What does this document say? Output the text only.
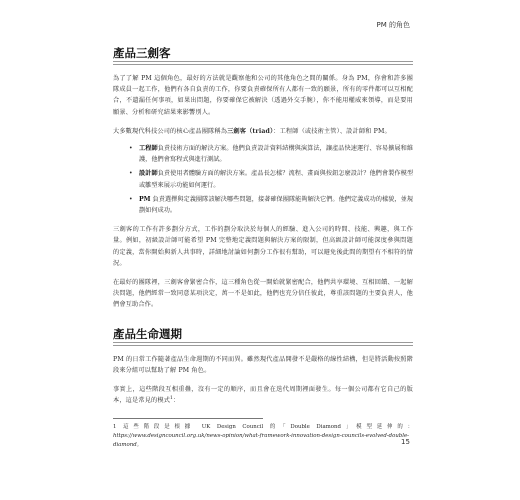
PM 的角色
產品三劍客

為了了解 PM 這個角色，最好的方法就是觀察他和公司的其他角色之間的關係。身為 PM，你會和許多團隊成員一起工作，他們有各自負責的工作，你要負責確保所有人都有一致的願景，所有的零件都可以互相配合，不遺漏任何事項，如果出問題，你要確保它被解決（透過外交手腕），你不能用權威來領導，而是要用願景、分析和研究結果來影響別人。

大多數現代科技公司的核心產品團隊稱為三劍客（triad）：工程師（或技術主管）、設計師和 PM。

• 工程師負責技術方面的解決方案。他們負責設計資料結構與演算法，讓產品快速運行、容易擴展和維護，他們會寫程式與進行測試。
• 設計師負責使用者體驗方面的解決方案。產品長怎樣？流程、畫面與按鈕怎麼設計？他們會製作模型或雛型來展示功能如何運行。
• PM 負責選擇與定義團隊該解決哪些問題，接著確保團隊能夠解決它們。他們定義成功的樣貌，並規劃如何成功。

三劍客的工作有許多劃分方式，工作的劃分取決於每個人的經驗、進入公司的時間、技能、興趣，與工作量。例如，初級設計師可能希望 PM 完整地定義問題與解決方案的限制，但高級設計師可能深度參與問題的定義，當你開始與新人共事時，詳細地討論如何劃分工作很有幫助，可以避免後此間的期望有不相符的情況。

在最好的團隊裡，三劍客會緊密合作，這三種角色從一開始就緊密配合，他們共享環境、互相回饋、一起解決問題，他們經常一致同意某項決定，萬一不是如此，他們也充分信任彼此，尊重該問題的主要負責人，他們會互助合作。

產品生命週期

PM 的日常工作隨著產品生命週期的不同而異。雖然現代產品開發不是嚴格的線性結構，但是將活動按照階段來分組可以幫助了解 PM 角色。

事實上，這些階段互相重疊，沒有一定的順序，而且會在迭代周期裡面發生。每一個公司都有它自己的版本，這是常見的模式$^1$：

1 這些階段是根據 UK Design Council 的「Double Diamond」模型延伸的：https://www.designcouncil.org.uk/news-opinion/what-framework-innovation-design-councils-evolved-double-diamond。	15
